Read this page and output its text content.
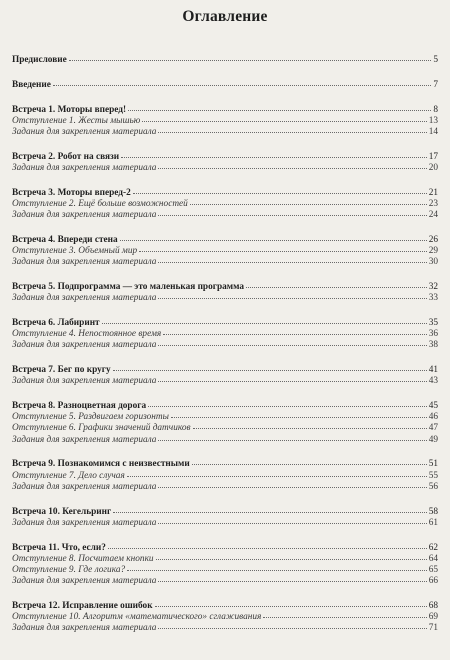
Оглавление
Предисловие	5
Введение	7
Встреча 1. Моторы вперед!	8
Отступление 1. Жесты мышью	13
Задания для закрепления материала	14
Встреча 2. Робот на связи	17
Задания для закрепления материала	20
Встреча 3. Моторы вперед-2	21
Отступление 2. Ещё больше возможностей	23
Задания для закрепления материала	24
Встреча 4. Впереди стена	26
Отступление 3. Объемный мир	29
Задания для закрепления материала	30
Встреча 5. Подпрограмма — это маленькая программа	32
Задания для закрепления материала	33
Встреча 6. Лабиринт	35
Отступление 4. Непостоянное время	36
Задания для закрепления материала	38
Встреча 7. Бег по кругу	41
Задания для закрепления материала	43
Встреча 8. Разноцветная дорога	45
Отступление 5. Раздвигаем горизонты	46
Отступление 6. Графики значений датчиков	47
Задания для закрепления материала	49
Встреча 9. Познакомимся с неизвестными	51
Отступление 7. Дело случая	55
Задания для закрепления материала	56
Встреча 10. Кегельринг	58
Задания для закрепления материала	61
Встреча 11. Что, если?	62
Отступление 8. Посчитаем кнопки	64
Отступление 9. Где логика?	65
Задания для закрепления материала	66
Встреча 12. Исправление ошибок	68
Отступление 10. Алгоритм «математического» сглаживания	69
Задания для закрепления материала	71
